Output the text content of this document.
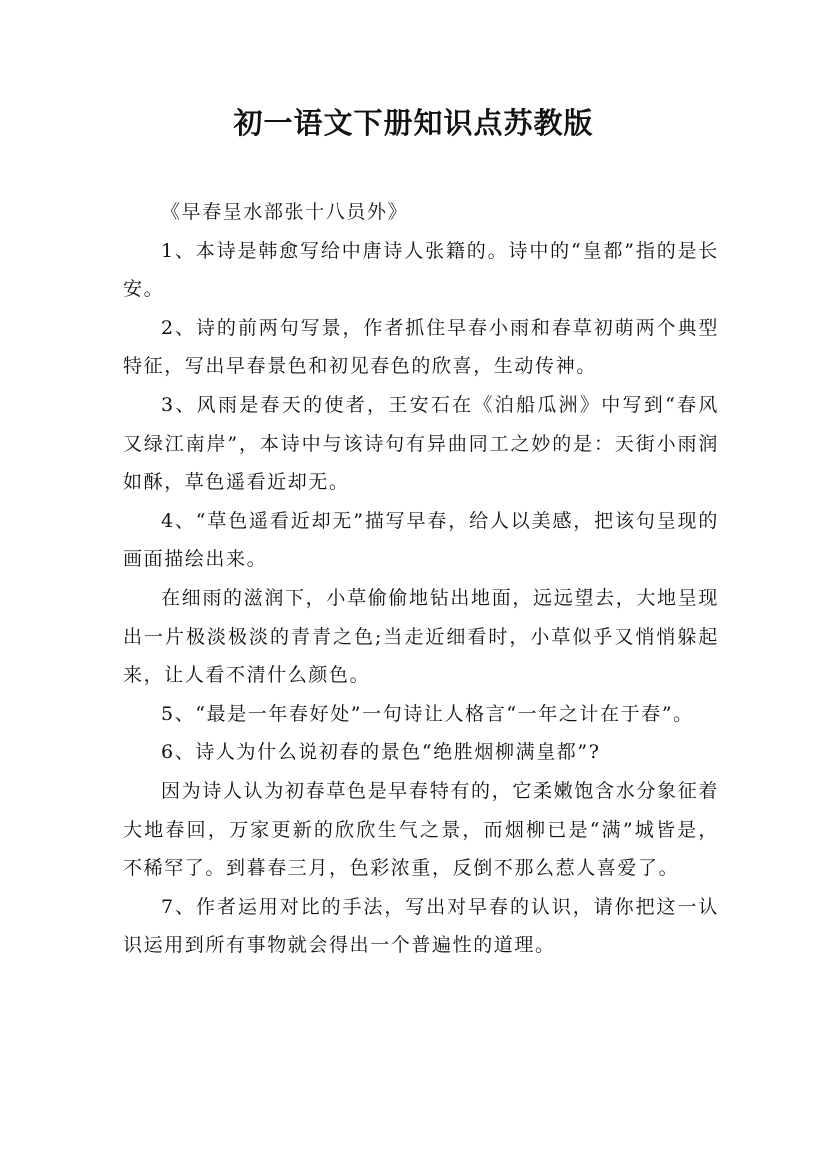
初一语文下册知识点苏教版

《早春呈水部张十八员外》

1、本诗是韩愈写给中唐诗人张籍的。诗中的“皇都”指的是长安。

2、诗的前两句写景，作者抓住早春小雨和春草初萌两个典型特征，写出早春景色和初见春色的欣喜，生动传神。

3、风雨是春天的使者，王安石在《泊船瓜洲》中写到“春风又绿江南岸”，本诗中与该诗句有异曲同工之妙的是：天街小雨润如酥，草色遥看近却无。

4、“草色遥看近却无”描写早春，给人以美感，把该句呈现的画面描绘出来。

在细雨的滋润下，小草偷偷地钻出地面，远远望去，大地呈现出一片极淡极淡的青青之色;当走近细看时，小草似乎又悄悄躲起来，让人看不清什么颜色。

5、“最是一年春好处”一句诗让人格言“一年之计在于春”。

6、诗人为什么说初春的景色“绝胜烟柳满皇都”?

因为诗人认为初春草色是早春特有的，它柔嫩饱含水分象征着大地春回，万家更新的欣欣生气之景，而烟柳已是“满”城皆是，不稀罕了。到暮春三月，色彩浓重，反倒不那么惹人喜爱了。

7、作者运用对比的手法，写出对早春的认识，请你把这一认识运用到所有事物就会得出一个普遍性的道理。
